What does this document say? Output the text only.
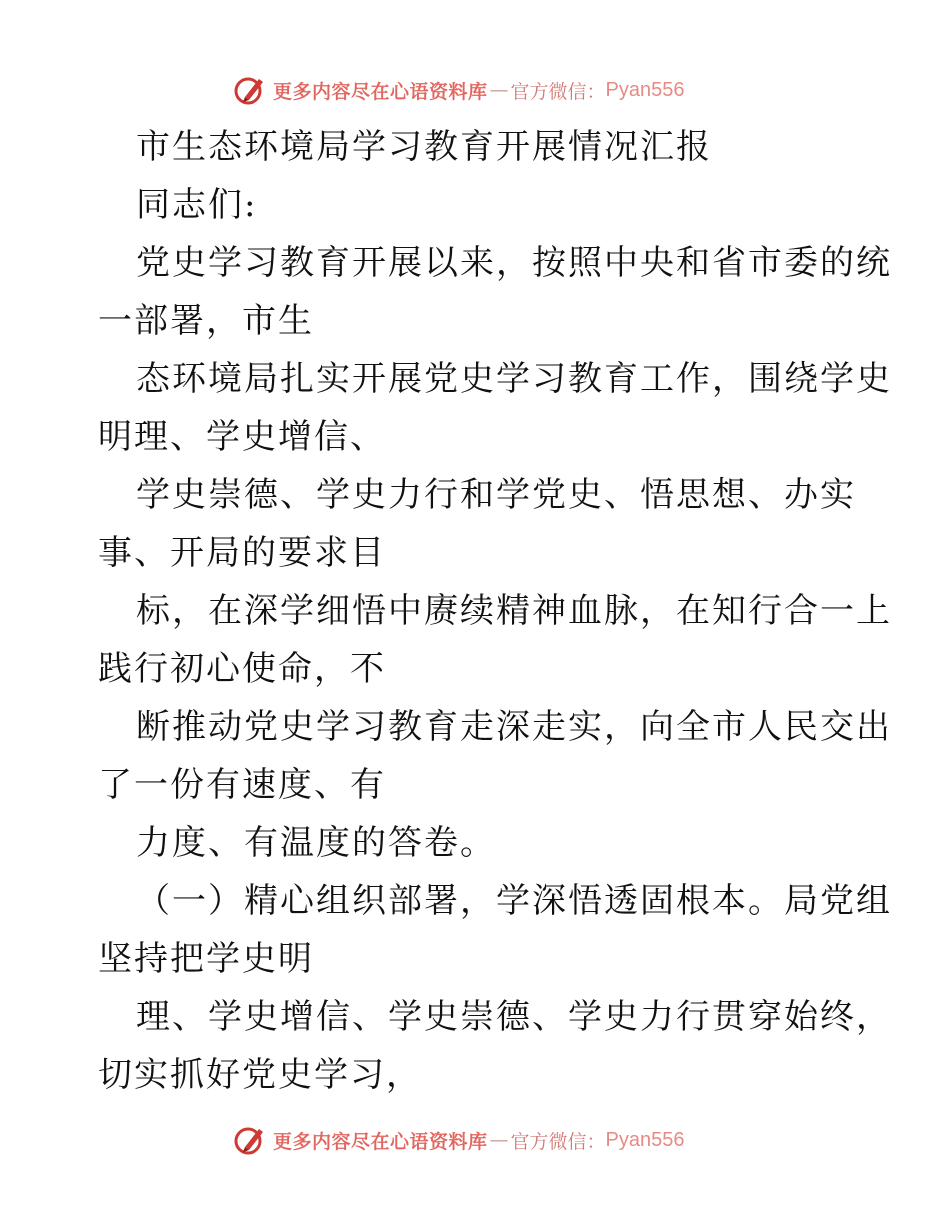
更多内容尽在心语资料库 — 官方微信： Pyan556
市生态环境局学习教育开展情况汇报
同志们:
党史学习教育开展以来，按照中央和省市委的统
一部署，市生
态环境局扎实开展党史学习教育工作，围绕学史
明理、学史增信、
学史崇德、学史力行和学党史、悟思想、办实
事、开局的要求目
标，在深学细悟中赓续精神血脉，在知行合一上
践行初心使命，不
断推动党史学习教育走深走实，向全市人民交出
了一份有速度、有
力度、有温度的答卷。
（一）精心组织部署，学深悟透固根本。局党组
坚持把学史明
理、学史增信、学史崇德、学史力行贯穿始终，
切实抓好党史学习，
更多内容尽在心语资料库 — 官方微信： Pyan556
